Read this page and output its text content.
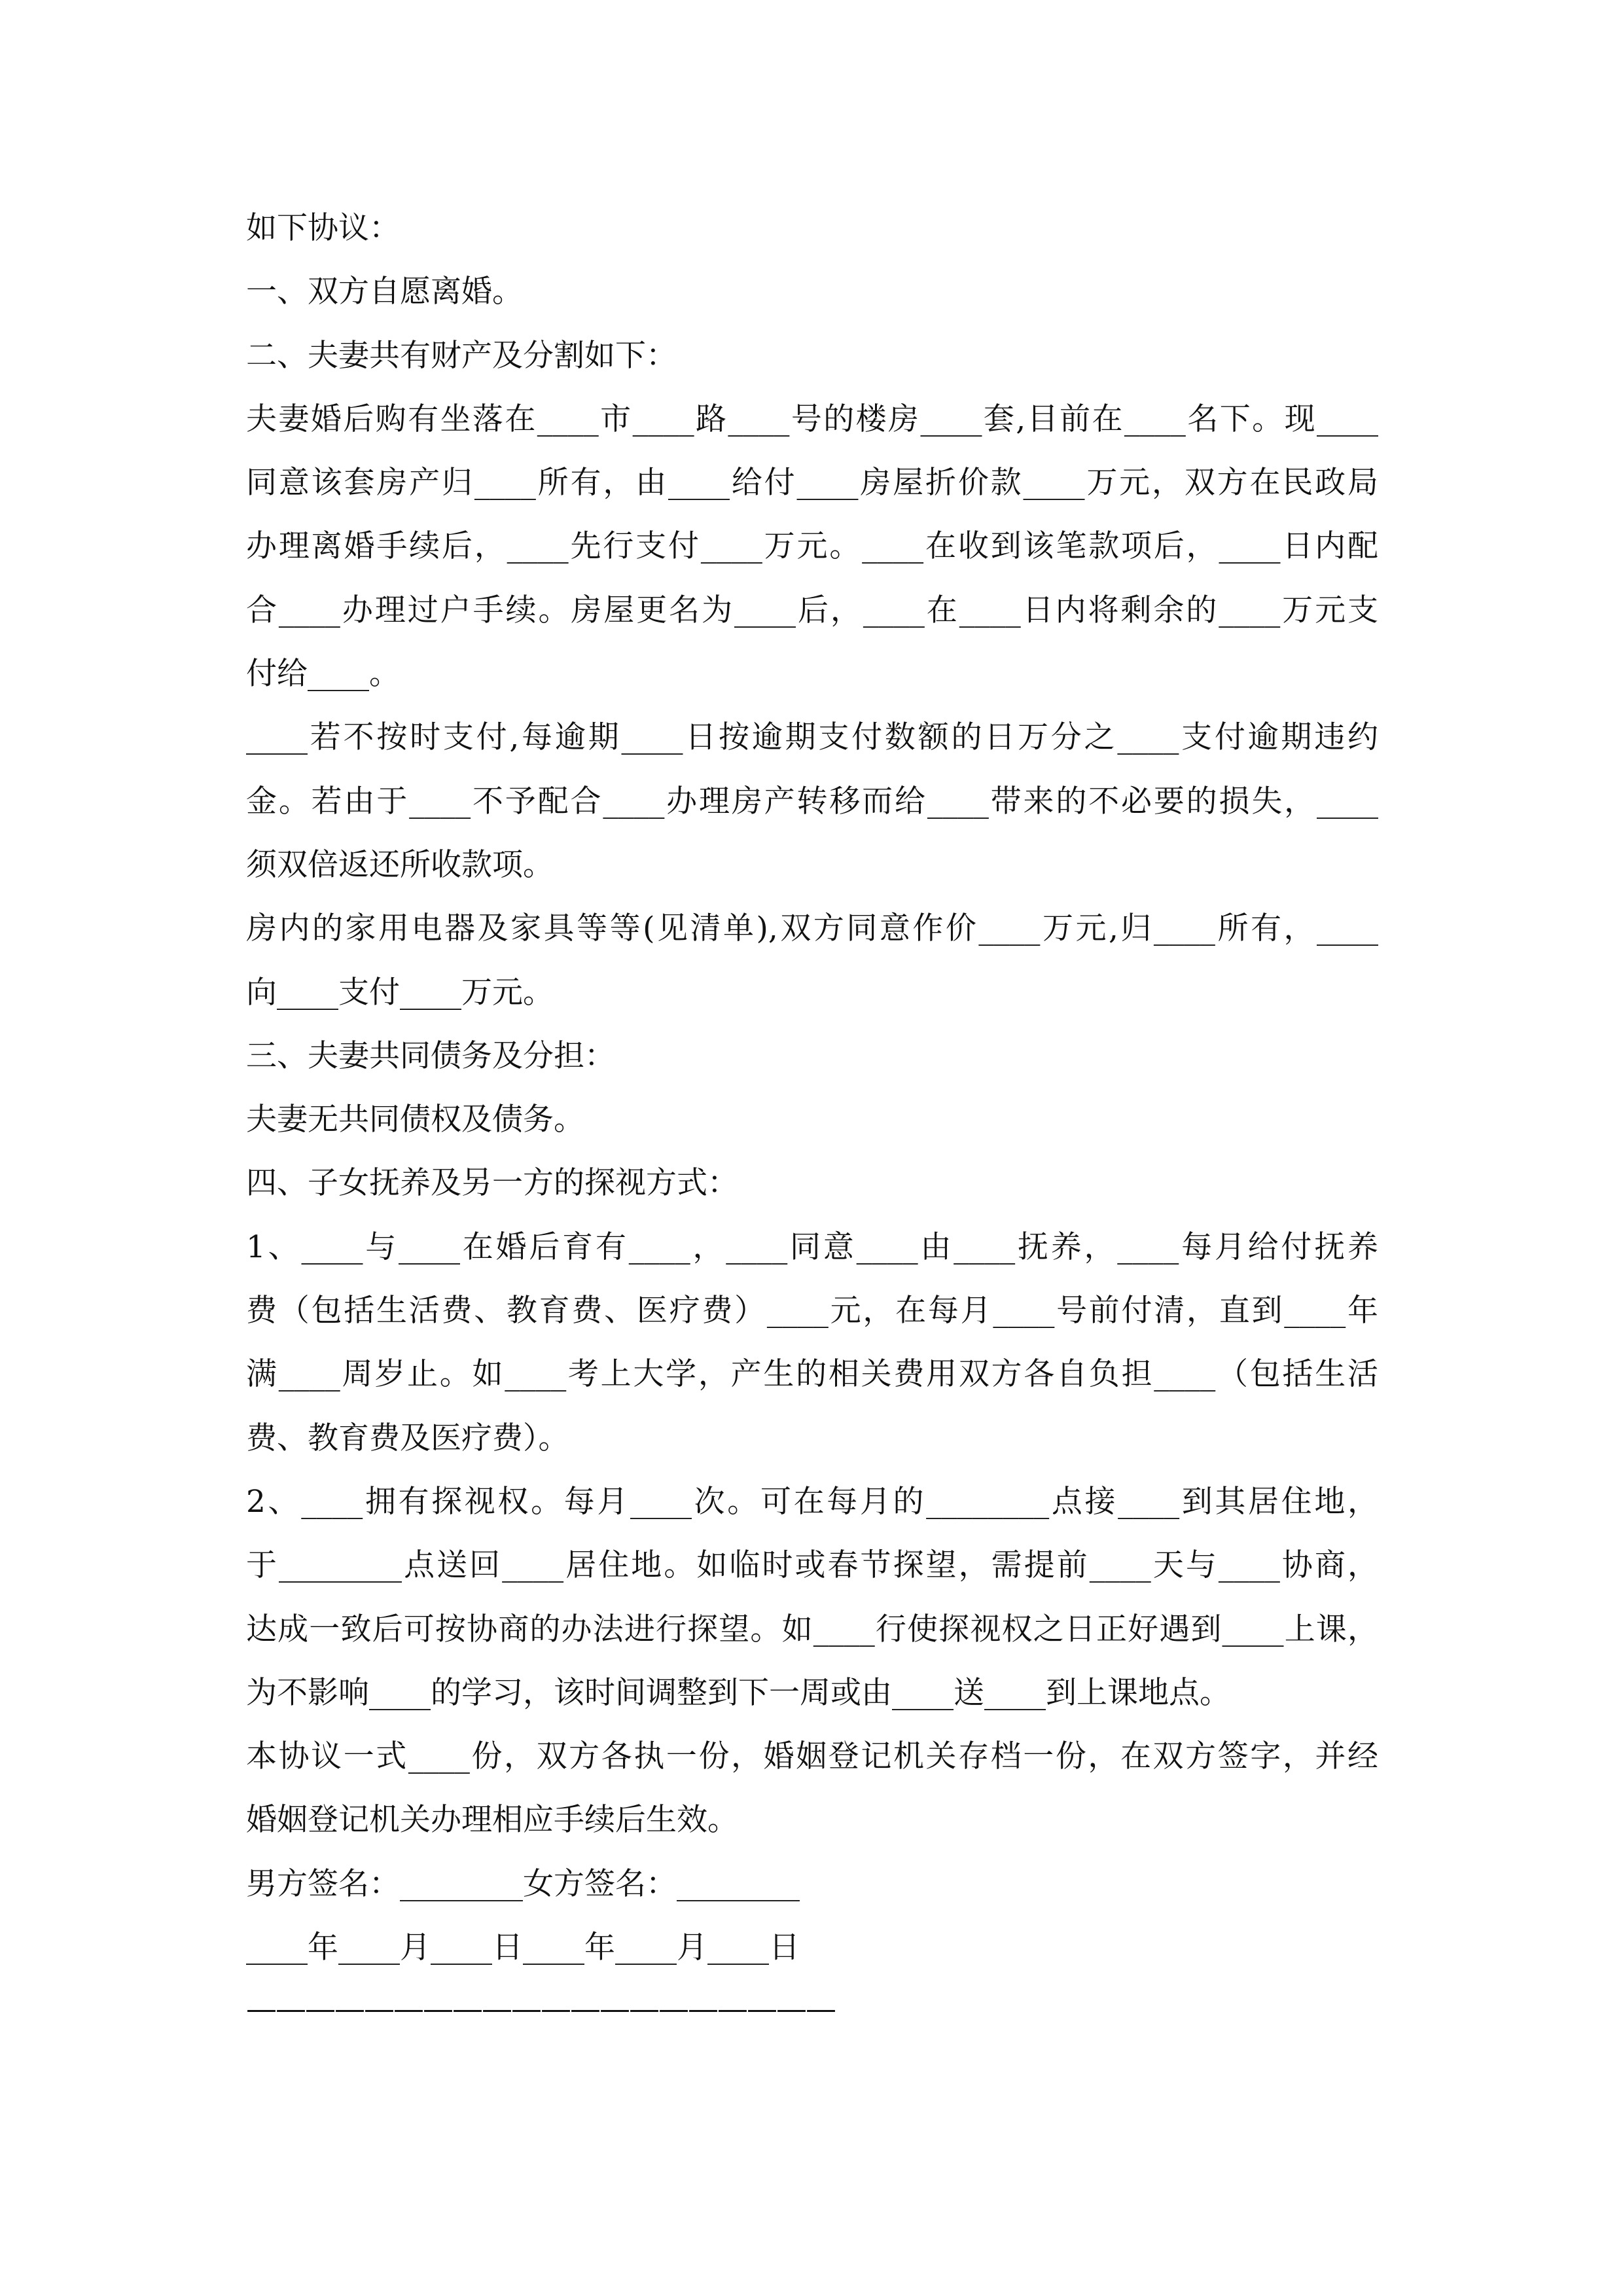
如下协议：
一、双方自愿离婚。
二、夫妻共有财产及分割如下：
夫妻婚后购有坐落在____市____路____号的楼房____套,目前在____名下。现____
同意该套房产归____所有，由____给付____房屋折价款____万元，双方在民政局
办理离婚手续后，____先行支付____万元。____在收到该笔款项后，____日内配
合____办理过户手续。房屋更名为____后，____在____日内将剩余的____万元支
付给____。
____若不按时支付,每逾期____日按逾期支付数额的日万分之____支付逾期违约
金。若由于____不予配合____办理房产转移而给____带来的不必要的损失，____
须双倍返还所收款项。
房内的家用电器及家具等等(见清单),双方同意作价____万元,归____所有，____
向____支付____万元。
三、夫妻共同债务及分担：
夫妻无共同债权及债务。
四、子女抚养及另一方的探视方式：
1、____与____在婚后育有____，____同意____由____抚养，____每月给付抚养
费（包括生活费、教育费、医疗费）____元，在每月____号前付清，直到____年
满____周岁止。如____考上大学，产生的相关费用双方各自负担____（包括生活
费、教育费及医疗费）。
2、____拥有探视权。每月____次。可在每月的________点接____到其居住地，
于________点送回____居住地。如临时或春节探望，需提前____天与____协商，
达成一致后可按协商的办法进行探望。如____行使探视权之日正好遇到____上课，
为不影响____的学习，该时间调整到下一周或由____送____到上课地点。
本协议一式____份，双方各执一份，婚姻登记机关存档一份，在双方签字，并经
婚姻登记机关办理相应手续后生效。
男方签名：________女方签名：________
____年____月____日____年____月____日
————————————————————
